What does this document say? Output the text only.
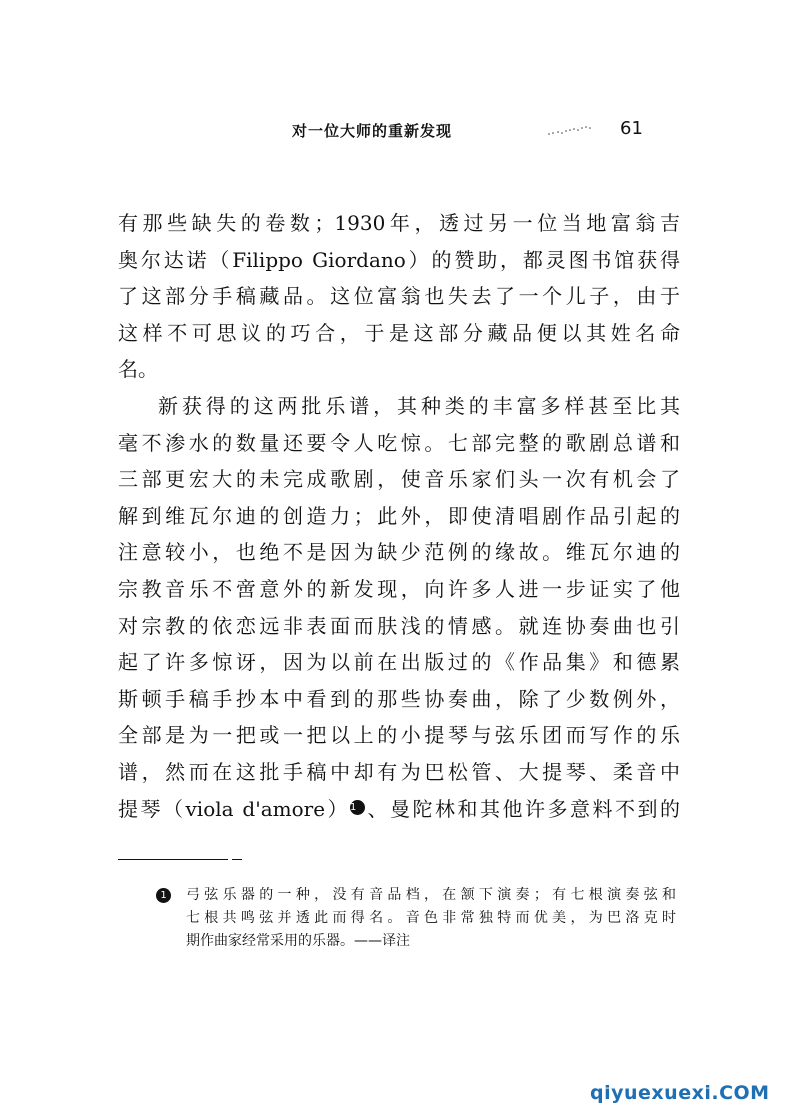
对一位大师的重新发现	61
有那些缺失的卷数；1930年，透过另一位当地富翁吉
奥尔达诺（Filippo Giordano）的赞助，都灵图书馆获得
了这部分手稿藏品。这位富翁也失去了一个儿子，由于
这样不可思议的巧合，于是这部分藏品便以其姓名命
名。
新获得的这两批乐谱，其种类的丰富多样甚至比其
毫不渗水的数量还要令人吃惊。七部完整的歌剧总谱和
三部更宏大的未完成歌剧，使音乐家们头一次有机会了
解到维瓦尔迪的创造力；此外，即使清唱剧作品引起的
注意较小，也绝不是因为缺少范例的缘故。维瓦尔迪的
宗教音乐不啻意外的新发现，向许多人进一步证实了他
对宗教的依恋远非表面而肤浅的情感。就连协奏曲也引
起了许多惊讶，因为以前在出版过的《作品集》和德累
斯顿手稿手抄本中看到的那些协奏曲，除了少数例外，
全部是为一把或一把以上的小提琴与弦乐团而写作的乐
谱，然而在这批手稿中却有为巴松管、大提琴、柔音中
提琴（viola d'amore）1 、曼陀林和其他许多意料不到的
1	弓弦乐器的一种，没有音品档，在颔下演奏；有七根演奏弦和
七根共鸣弦并透此而得名。音色非常独特而优美，为巴洛克时
期作曲家经常采用的乐器。——译注
qiyuexuexi.COM
